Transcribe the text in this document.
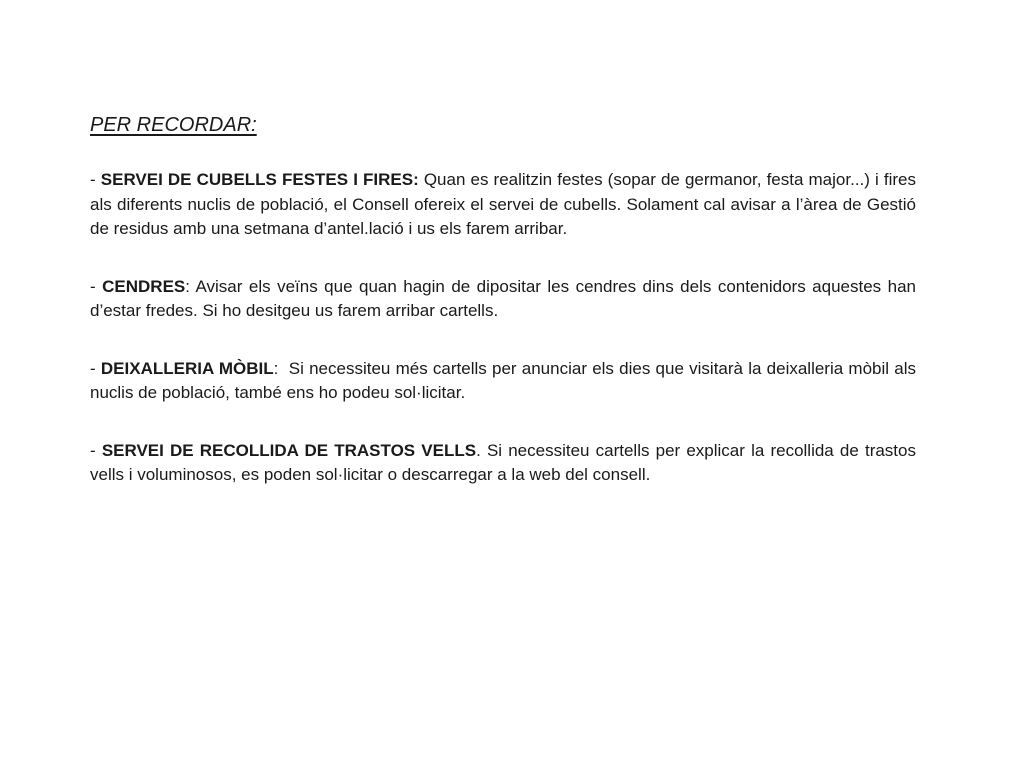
PER RECORDAR:

- SERVEI DE CUBELLS FESTES I FIRES: Quan es realitzin festes (sopar de germanor, festa major...) i fires als diferents nuclis de població, el Consell ofereix el servei de cubells. Solament cal avisar a l’àrea de Gestió de residus amb una setmana d’antel.lació i us els farem arribar.

- CENDRES: Avisar els veïns que quan hagin de dipositar les cendres dins dels contenidors aquestes han d’estar fredes. Si ho desitgeu us farem arribar cartells.

- DEIXALLERIA MÒBIL:  Si necessiteu més cartells per anunciar els dies que visitarà la deixalleria mòbil als nuclis de població, també ens ho podeu sol·licitar.

- SERVEI DE RECOLLIDA DE TRASTOS VELLS. Si necessiteu cartells per explicar la recollida de trastos vells i voluminosos, es poden sol·licitar o descarregar a la web del consell.
